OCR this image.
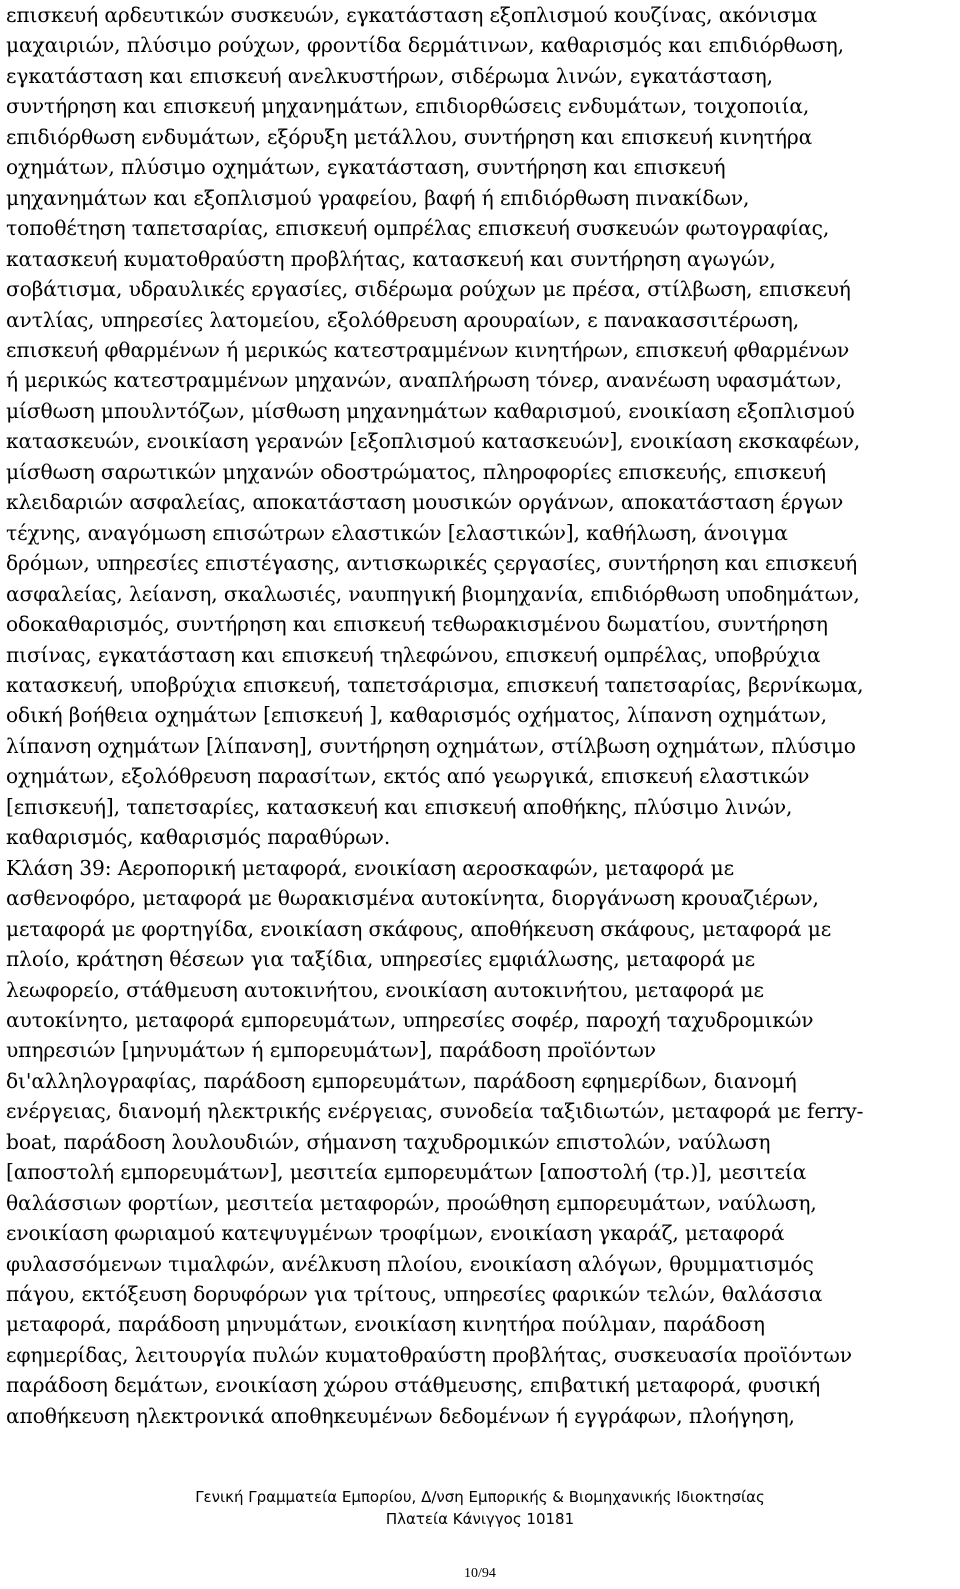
επισκευή αρδευτικών συσκευών, εγκατάσταση εξοπλισμού κουζίνας, ακόνισμα
μαχαιριών, πλύσιμο ρούχων, φροντίδα δερμάτινων, καθαρισμός και επιδιόρθωση,
εγκατάσταση και επισκευή ανελκυστήρων, σιδέρωμα λινών, εγκατάσταση,
συντήρηση και επισκευή μηχανημάτων, επιδιορθώσεις ενδυμάτων, τοιχοποιία,
επιδιόρθωση ενδυμάτων, εξόρυξη μετάλλου, συντήρηση και επισκευή κινητήρα
οχημάτων, πλύσιμο οχημάτων, εγκατάσταση, συντήρηση και επισκευή
μηχανημάτων και εξοπλισμού γραφείου, βαφή ή επιδιόρθωση πινακίδων,
τοποθέτηση ταπετσαρίας, επισκευή ομπρέλας επισκευή συσκευών φωτογραφίας,
κατασκευή κυματοθραύστη προβλήτας, κατασκευή και συντήρηση αγωγών,
σοβάτισμα, υδραυλικές εργασίες, σιδέρωμα ρούχων με πρέσα, στίλβωση, επισκευή
αντλίας, υπηρεσίες λατομείου, εξολόθρευση αρουραίων, ε πανακασσιτέρωση,
επισκευή φθαρμένων ή μερικώς κατεστραμμένων κινητήρων, επισκευή φθαρμένων
ή μερικώς κατεστραμμένων μηχανών, αναπλήρωση τόνερ, ανανέωση υφασμάτων,
μίσθωση μπουλντόζων, μίσθωση μηχανημάτων καθαρισμού, ενοικίαση εξοπλισμού
κατασκευών, ενοικίαση γερανών [εξοπλισμού κατασκευών], ενοικίαση εκσκαφέων,
μίσθωση σαρωτικών μηχανών οδοστρώματος, πληροφορίες επισκευής, επισκευή
κλειδαριών ασφαλείας, αποκατάσταση μουσικών οργάνων, αποκατάσταση έργων
τέχνης, αναγόμωση επισώτρων ελαστικών [ελαστικών], καθήλωση, άνοιγμα
δρόμων, υπηρεσίες επιστέγασης, αντισκωρικές ςεργασίες, συντήρηση και επισκευή
ασφαλείας, λείανση, σκαλωσιές, ναυπηγική βιομηχανία, επιδιόρθωση υποδημάτων,
οδοκαθαρισμός, συντήρηση και επισκευή τεθωρακισμένου δωματίου, συντήρηση
πισίνας, εγκατάσταση και επισκευή τηλεφώνου, επισκευή ομπρέλας, υποβρύχια
κατασκευή, υποβρύχια επισκευή, ταπετσάρισμα, επισκευή ταπετσαρίας, βερνίκωμα,
οδική βοήθεια οχημάτων [επισκευή ], καθαρισμός οχήματος, λίπανση οχημάτων,
λίπανση οχημάτων [λίπανση], συντήρηση οχημάτων, στίλβωση οχημάτων, πλύσιμο
οχημάτων, εξολόθρευση παρασίτων, εκτός από γεωργικά, επισκευή ελαστικών
[επισκευή], ταπετσαρίες, κατασκευή και επισκευή αποθήκης, πλύσιμο λινών,
καθαρισμός, καθαρισμός παραθύρων.
Κλάση 39: Αεροπορική μεταφορά, ενοικίαση αεροσκαφών, μεταφορά με
ασθενοφόρο, μεταφορά με θωρακισμένα αυτοκίνητα, διοργάνωση κρουαζιέρων,
μεταφορά με φορτηγίδα, ενοικίαση σκάφους, αποθήκευση σκάφους, μεταφορά με
πλοίο, κράτηση θέσεων για ταξίδια, υπηρεσίες εμφιάλωσης, μεταφορά με
λεωφορείο, στάθμευση αυτοκινήτου, ενοικίαση αυτοκινήτου, μεταφορά με
αυτοκίνητο, μεταφορά εμπορευμάτων, υπηρεσίες σοφέρ, παροχή ταχυδρομικών
υπηρεσιών [μηνυμάτων ή εμπορευμάτων], παράδοση προϊόντων
δι'αλληλογραφίας, παράδοση εμπορευμάτων, παράδοση εφημερίδων, διανομή
ενέργειας, διανομή ηλεκτρικής ενέργειας, συνοδεία ταξιδιωτών, μεταφορά με ferry-
boat, παράδοση λουλουδιών, σήμανση ταχυδρομικών επιστολών, ναύλωση
[αποστολή εμπορευμάτων], μεσιτεία εμπορευμάτων [αποστολή (τρ.)], μεσιτεία
θαλάσσιων φορτίων, μεσιτεία μεταφορών, προώθηση εμπορευμάτων, ναύλωση,
ενοικίαση φωριαμού κατεψυγμένων τροφίμων, ενοικίαση γκαράζ, μεταφορά
φυλασσόμενων τιμαλφών, ανέλκυση πλοίου, ενοικίαση αλόγων, θρυμματισμός
πάγου, εκτόξευση δορυφόρων για τρίτους, υπηρεσίες φαρικών τελών, θαλάσσια
μεταφορά, παράδοση μηνυμάτων, ενοικίαση κινητήρα πούλμαν, παράδοση
εφημερίδας, λειτουργία πυλών κυματοθραύστη προβλήτας, συσκευασία προϊόντων
παράδοση δεμάτων, ενοικίαση χώρου στάθμευσης, επιβατική μεταφορά, φυσική
αποθήκευση ηλεκτρονικά αποθηκευμένων δεδομένων ή εγγράφων, πλοήγηση,
Γενική Γραμματεία Εμπορίου, Δ/νση Εμπορικής & Βιομηχανικής Ιδιοκτησίας
Πλατεία Κάνιγγος 10181
10/94
